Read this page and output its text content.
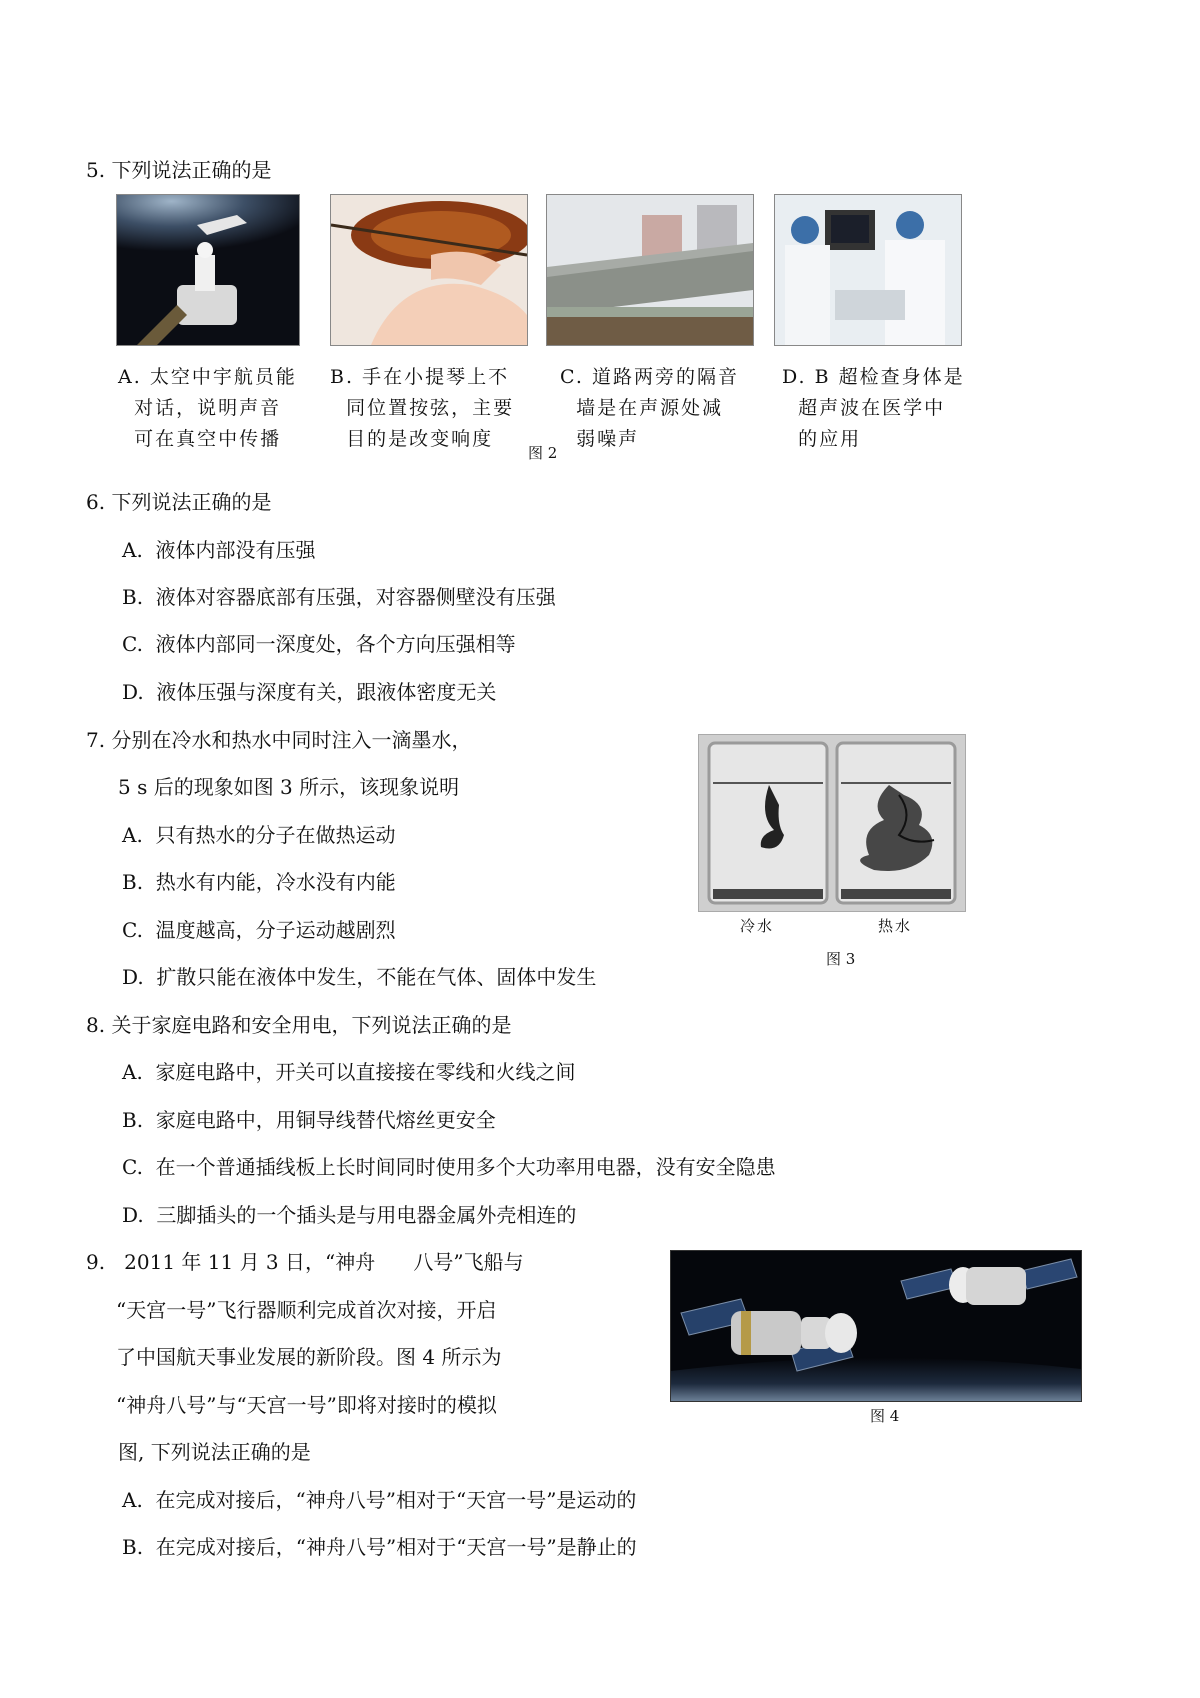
5. 下列说法正确的是
A. 太空中宇航员能
对话，说明声音
可在真空中传播
B. 手在小提琴上不
同位置按弦，主要
目的是改变响度
C. 道路两旁的隔音
墙是在声源处减
弱噪声
D. B 超检查身体是
超声波在医学中
的应用
图 2
6. 下列说法正确的是
A. 液体内部没有压强
B. 液体对容器底部有压强，对容器侧壁没有压强
C. 液体内部同一深度处，各个方向压强相等
D. 液体压强与深度有关，跟液体密度无关
7. 分别在冷水和热水中同时注入一滴墨水，
5 s 后的现象如图 3 所示，该现象说明
A. 只有热水的分子在做热运动
B. 热水有内能，冷水没有内能
C. 温度越高，分子运动越剧烈
D. 扩散只能在液体中发生，不能在气体、固体中发生
冷水	热水
图 3
8. 关于家庭电路和安全用电，下列说法正确的是
A. 家庭电路中，开关可以直接接在零线和火线之间
B. 家庭电路中，用铜导线替代熔丝更安全
C. 在一个普通插线板上长时间同时使用多个大功率用电器，没有安全隐患
D. 三脚插头的一个插头是与用电器金属外壳相连的
9.   2011 年 11 月 3 日，“神舟      八号”飞船与
“天宫一号”飞行器顺利完成首次对接，开启
了中国航天事业发展的新阶段。图 4 所示为
“神舟八号”与“天宫一号”即将对接时的模拟
图, 下列说法正确的是
A. 在完成对接后，“神舟八号”相对于“天宫一号”是运动的
B. 在完成对接后，“神舟八号”相对于“天宫一号”是静止的
图 4
